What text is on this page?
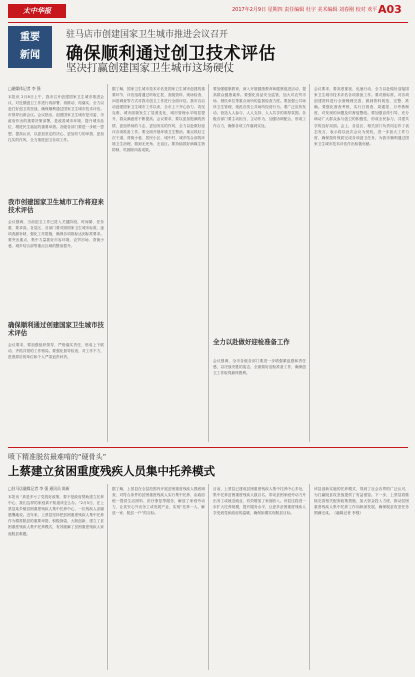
太中华报	2017年2月9日 星期四 责任编辑 杜宇 美术编辑 刘春刚 校对 欢平 A03
重要
新闻
驻马店市创建国家卫生城市推进会议召开
确保顺利通过创卫技术评估
坚决打赢创建国家卫生城市这场硬仗
□融媒体记者 李 强
本报讯 2月8日上午，我市召开创建国家卫生城市推进会议，对近期创卫工作进行再部署、再推动、再落实，全力以赴打好创卫攻坚战，确保顺利通过国家卫生城市技术评估。市领导出席会议。会议指出，创建国家卫生城市是市委、市政府作出的重要决策部署，是改善城市环境、提升城市品位、增进民生福祉的重要举措。各级各部门要进一步统一思想、提高认识，以更加坚定的决心、更加有力的举措、更加扎实的作风，全力推进创卫各项工作。
我市创建国家卫生城市工作将迎来技术评估
会议强调，当前创卫工作已进入关键阶段，时间紧、任务重、要求高。各县区、各部门要对照国家卫生城市标准，逐项查漏补缺，强化工作措施，确保各项指标达到标准要求。要突出重点，集中力量抓好市容环境、农贸市场、背街小巷、城乡结合部等重点区域的整治提升。
确保顺利通过创建国家卫生城市技术评估
会议要求，要加强组织领导，严格落实责任，形成上下联动、齐抓共管的工作格局。要强化督导检查，对工作不力、进度滞后的单位和个人严肃追责问责。
据了解，国家卫生城市技术评估是国家卫生城市创建的重要环节，评估组将通过听取汇报、查阅资料、现场检查、问卷调查等方式对我市创卫工作进行全面评估。我市自启动创建国家卫生城市工作以来，全市上下齐心协力、攻坚克难，城市面貌发生了显著变化，城市管理水平明显提升，群众满意度不断提高。会议要求，要以更加饱满的热情、更加昂扬的斗志、更加务实的作风，全力以赴做好迎评各项准备工作。要全面开展环境卫生整治，重点抓好主次干道、背街小巷、居民小区、城中村、城乡结合部的环境卫生治理，做到无死角、无盲区。要持续抓好病媒生物防制，巩固除四害成果。
要加强健康教育，深入开展健康教育和健康促进活动，提高群众健康素养。要强化食品安全监管，加大对农贸市场、餐饮单位等重点场所的监督检查力度。要加强公共场所卫生管理，规范各类公共场所经营行为。要广泛宣传发动，营造人人参与、人人支持、人人共享的浓厚氛围。各级各部门要主动担当、主动作为，加强协调配合，形成工作合力，确保各项工作落到实处。
全力以赴做好迎检准备工作
会议强调，全市各级各部门要进一步增强紧迫感和责任感，以决战决胜的姿态，全面做好迎检准备工作，确保创卫工作取得最终胜利。
会议要求，要高度重视、迅速行动，全力以赴做好迎接国家卫生城市技术评估各项准备工作。要对照标准，对各项创建资料进行全面梳理完善，做到资料规范、完整、准确。要强化督查考核，实行日督查、周通报、月考核制度，对发现的问题及时督促整改。要加强宣传引导，充分调动广大群众参与创卫的积极性，形成全民参与、共建共享的良好局面。会上，各县区、相关部门负责同志作了表态发言，表示将以此次会议为契机，进一步加大工作力度，确保按时保质完成各项创卫任务，为我市顺利通过国家卫生城市技术评估作出积极贡献。
喷下精准脱贫最难啃的“硬骨头”
上蔡建立贫困重度残疾人员集中托养模式
□驻马店融媒记者 李 强 通讯员 陈新
本报讯 “真是多亏了党的好政策，要不是政府帮助建立托养中心，我们这样的家庭真不知道该怎么办。”2月5日，在上蔡县某乡镇贫困重度残疾人集中托养中心，一位残疾人亲属感慨地说。近年来，上蔡县坚持把贫困重度残疾人集中托养作为精准脱贫的重要举措，积极探索，大胆创新，建立了贫困重度残疾人集中托养模式，有效破解了贫困重度残疾人家庭脱贫难题。
据了解，上蔡县在全县范围内开展贫困重度残疾人摸底调查，对符合条件的贫困重度残疾人实行集中托养，由政府统一提供生活照料、医疗康复等服务，解放了家庭劳动力，让其安心外出务工或发展产业，实现“托养一人、解放一家、脱贫一户”的目标。
目前，上蔡县已建成贫困重度残疾人集中托养中心多处，集中托养贫困重度残疾人数百名，带动贫困家庭劳动力外出务工或就近就业，有效增加了家庭收入。该县还将进一步扩大托养规模，提升服务水平，让更多贫困重度残疾人享受到党和政府的温暖，确保如期实现脱贫目标。
该县创新实施的托养模式，得到了社会各界的广泛认可，为打赢脱贫攻坚战提供了有益借鉴。下一步，上蔡县将继续完善相关配套政策措施，加大资金投入力度，推动贫困重度残疾人集中托养工作向纵深发展，确保脱贫攻坚任务圆满完成。（融媒记者 李强）
